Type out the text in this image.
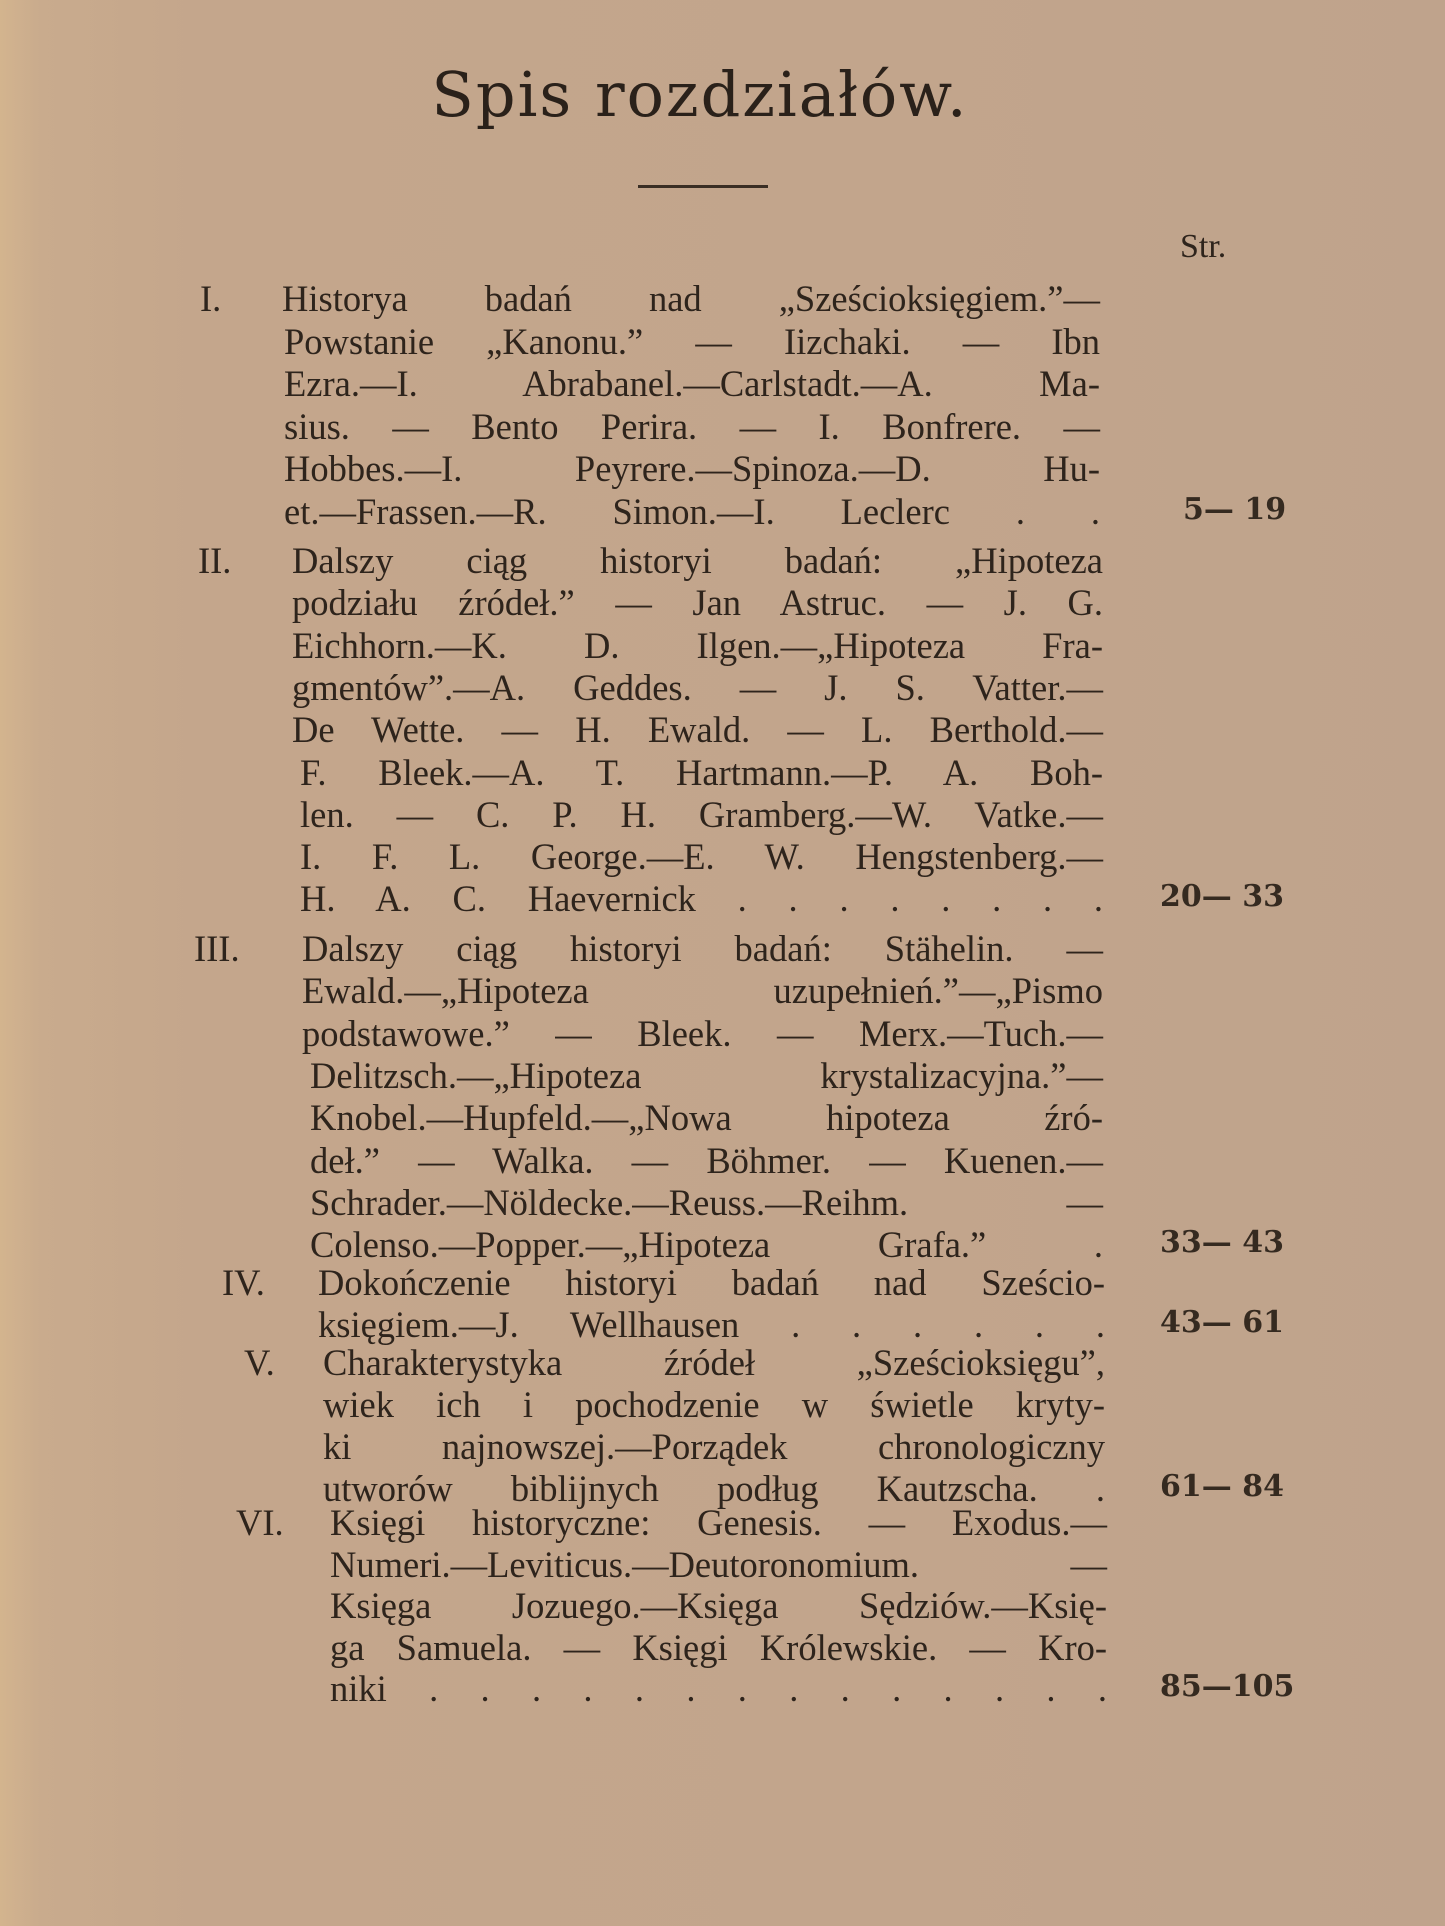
Spis rozdziałów.
Str.
I. Historya badań nad „Sześcioksięgiem.”—
Powstanie „Kanonu.” — Iizchaki. — Ibn
Ezra.—I. Abrabanel.—Carlstadt.—A. Ma-
sius. — Bento Perira. — I. Bonfrere. —
Hobbes.—I. Peyrere.—Spinoza.—D. Hu-
et.—Frassen.—R. Simon.—I. Leclerc . .	5— 19
II. Dalszy ciąg historyi badań: „Hipoteza
podziału źródeł.” — Jan Astruc. — J. G.
Eichhorn.—K. D. Ilgen.—„Hipoteza Fra-
gmentów”.—A. Geddes. — J. S. Vatter.—
De Wette. — H. Ewald. — L. Berthold.—
F. Bleek.—A. T. Hartmann.—P. A. Boh-
len. — C. P. H. Gramberg.—W. Vatke.—
I. F. L. George.—E. W. Hengstenberg.—
H. A. C. Haevernick . . . . . . . . 20— 33
III. Dalszy ciąg historyi badań: Stähelin. —
Ewald.—„Hipoteza uzupełnień.”—„Pismo
podstawowe.” — Bleek. — Merx.—Tuch.—
Delitzsch.—„Hipoteza krystalizacyjna.”—
Knobel.—Hupfeld.—„Nowa hipoteza źró-
deł.” — Walka. — Böhmer. — Kuenen.—
Schrader.—Nöldecke.—Reuss.—Reihm. —
Colenso.—Popper.—„Hipoteza Grafa.” . 33— 43
IV. Dokończenie historyi badań nad Sześcio-
księgiem.—J. Wellhausen . . . . . . 43— 61
V. Charakterystyka źródeł „Sześcioksięgu”,
wiek ich i pochodzenie w świetle kryty-
ki najnowszej.—Porządek chronologiczny
utworów biblijnych podług Kautzscha. . 61— 84
VI. Księgi historyczne: Genesis. — Exodus.—
Numeri.—Leviticus.—Deutoronomium. —
Księga Jozuego.—Księga Sędziów.—Księ-
ga Samuela. — Księgi Królewskie. — Kro-
niki . . . . . . . . . . . . . . 85—105
